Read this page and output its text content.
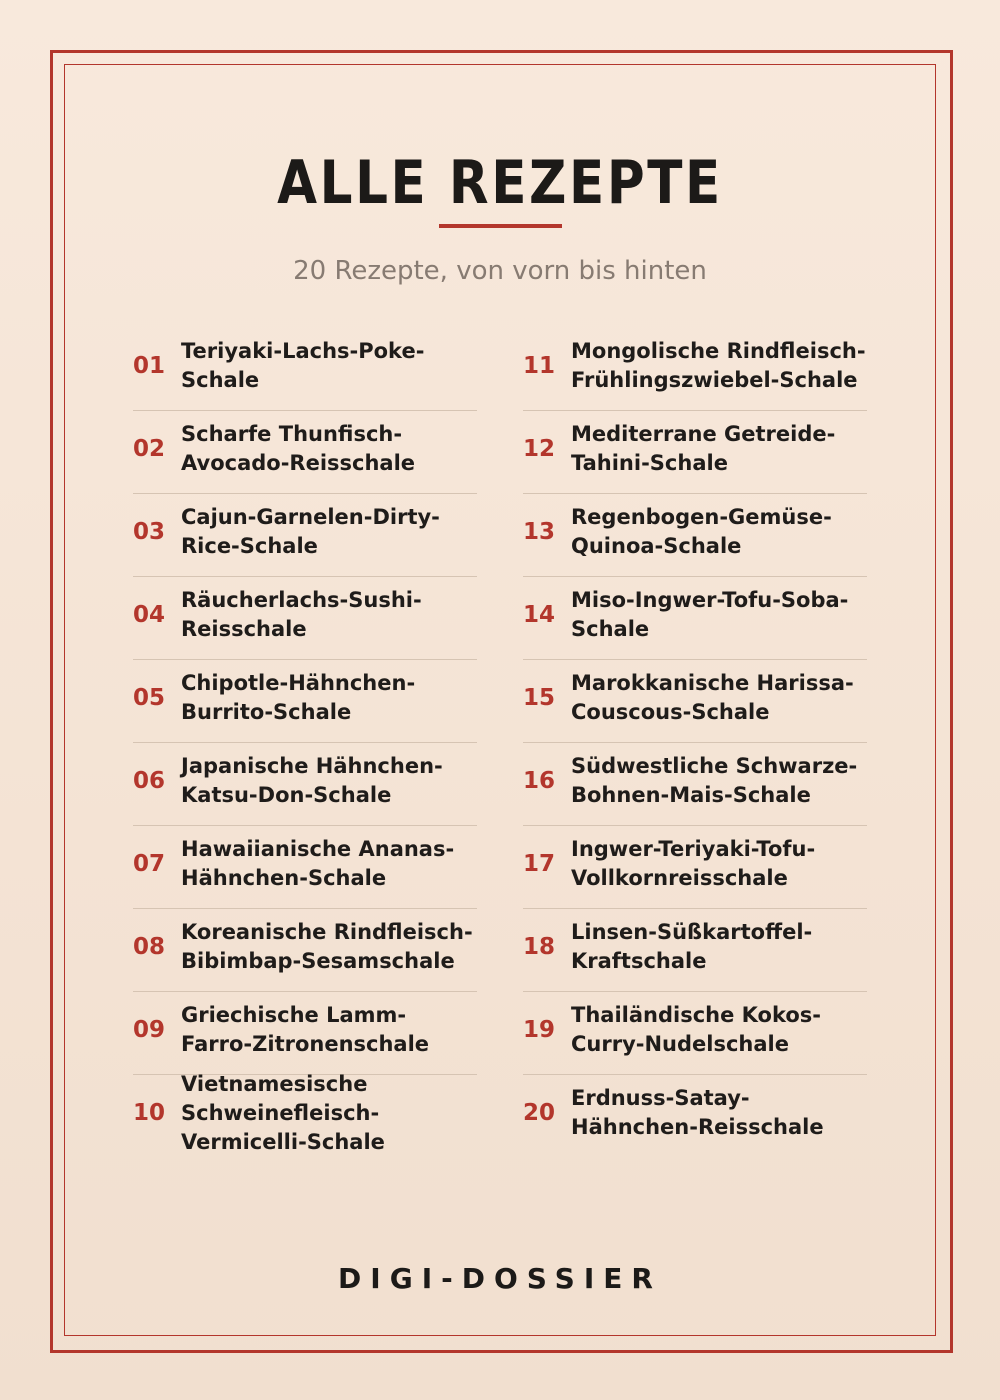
ALLE REZEPTE
20 Rezepte, von vorn bis hinten
01
Teriyaki-Lachs-Poke-
Schale
02
Scharfe Thunfisch-
Avocado-Reisschale
03
Cajun-Garnelen-Dirty-
Rice-Schale
04
Räucherlachs-Sushi-
Reisschale
05
Chipotle-Hähnchen-
Burrito-Schale
06
Japanische Hähnchen-
Katsu-Don-Schale
07
Hawaiianische Ananas-
Hähnchen-Schale
08
Koreanische Rindfleisch-
Bibimbap-Sesamschale
09
Griechische Lamm-
Farro-Zitronenschale
10
Vietnamesische
Schweinefleisch-
Vermicelli-Schale
11
Mongolische Rindfleisch-
Frühlingszwiebel-Schale
12
Mediterrane Getreide-
Tahini-Schale
13
Regenbogen-Gemüse-
Quinoa-Schale
14
Miso-Ingwer-Tofu-Soba-
Schale
15
Marokkanische Harissa-
Couscous-Schale
16
Südwestliche Schwarze-
Bohnen-Mais-Schale
17
Ingwer-Teriyaki-Tofu-
Vollkornreisschale
18
Linsen-Süßkartoffel-
Kraftschale
19
Thailändische Kokos-
Curry-Nudelschale
20
Erdnuss-Satay-
Hähnchen-Reisschale
DIGI-DOSSIER
